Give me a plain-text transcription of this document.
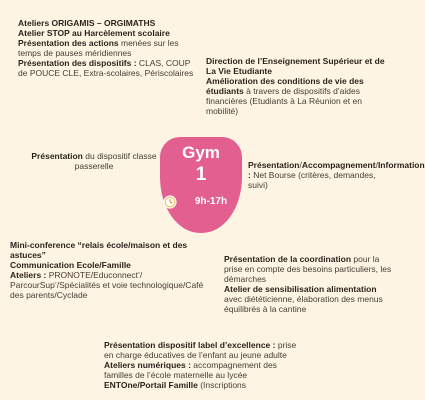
Ateliers ORIGAMIS – ORGIMATHS

Atelier STOP au Harcèlement scolaire

Présentation des actions menées sur les temps de pauses méridiennes

Présentation des dispositifs : CLAS, COUP de POUCE CLE, Extra-scolaires, Périscolaires

Direction de l’Enseignement Supérieur et de La Vie Etudiante

Amélioration des conditions de vie des étudiants à travers de dispositifs d’aides financières (Etudiants à La Réunion et en mobilité)

Présentation du dispositif classe passerelle

Gym
1
9h-17h

Présentation/Accompagnement/Information : Net Bourse (critères, demandes, suivi)

Mini-conference “relais école/maison et des astuces”

Communication Ecole/Famille

Ateliers : PRONOTE/Educonnect’/ ParcourSup’/Spécialités et voie technologique/Café des parents/Cyclade

Présentation de la coordination pour la prise en compte des besoins particuliers, les démarches

Atelier de sensibilisation alimentation avec diététicienne, élaboration des menus équilibrés à la cantine

Présentation dispositif label d’excellence : prise en charge éducatives de l’enfant au jeune adulte

Ateliers numériques : accompagnement des familles de l’école maternelle au lycée

ENTOne/Portail Famille (Inscriptions
